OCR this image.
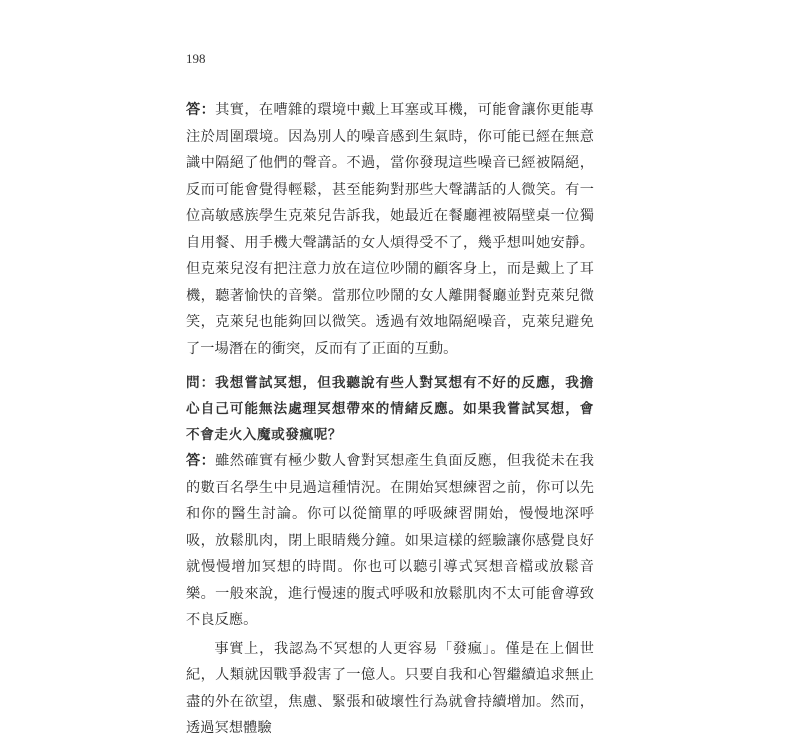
198

答：其實，在嘈雜的環境中戴上耳塞或耳機，可能會讓你更能專注於周圍環境。因為別人的噪音感到生氣時，你可能已經在無意識中隔絕了他們的聲音。不過，當你發現這些噪音已經被隔絕，反而可能會覺得輕鬆，甚至能夠對那些大聲講話的人微笑。有一位高敏感族學生克萊兒告訴我，她最近在餐廳裡被隔壁桌一位獨自用餐、用手機大聲講話的女人煩得受不了，幾乎想叫她安靜。但克萊兒沒有把注意力放在這位吵鬧的顧客身上，而是戴上了耳機，聽著愉快的音樂。當那位吵鬧的女人離開餐廳並對克萊兒微笑，克萊兒也能夠回以微笑。透過有效地隔絕噪音，克萊兒避免了一場潛在的衝突，反而有了正面的互動。

問：我想嘗試冥想，但我聽說有些人對冥想有不好的反應，我擔心自己可能無法處理冥想帶來的情緒反應。如果我嘗試冥想，會不會走火入魔或發瘋呢？

答：雖然確實有極少數人會對冥想產生負面反應，但我從未在我的數百名學生中見過這種情況。在開始冥想練習之前，你可以先和你的醫生討論。你可以從簡單的呼吸練習開始，慢慢地深呼吸，放鬆肌肉，閉上眼睛幾分鐘。如果這樣的經驗讓你感覺良好就慢慢增加冥想的時間。你也可以聽引導式冥想音檔或放鬆音樂。一般來說，進行慢速的腹式呼吸和放鬆肌肉不太可能會導致不良反應。

事實上，我認為不冥想的人更容易「發瘋」。僅是在上個世紀，人類就因戰爭殺害了一億人。只要自我和心智繼續追求無止盡的外在欲望，焦慮、緊張和破壞性行為就會持續增加。然而，透過冥想體驗
